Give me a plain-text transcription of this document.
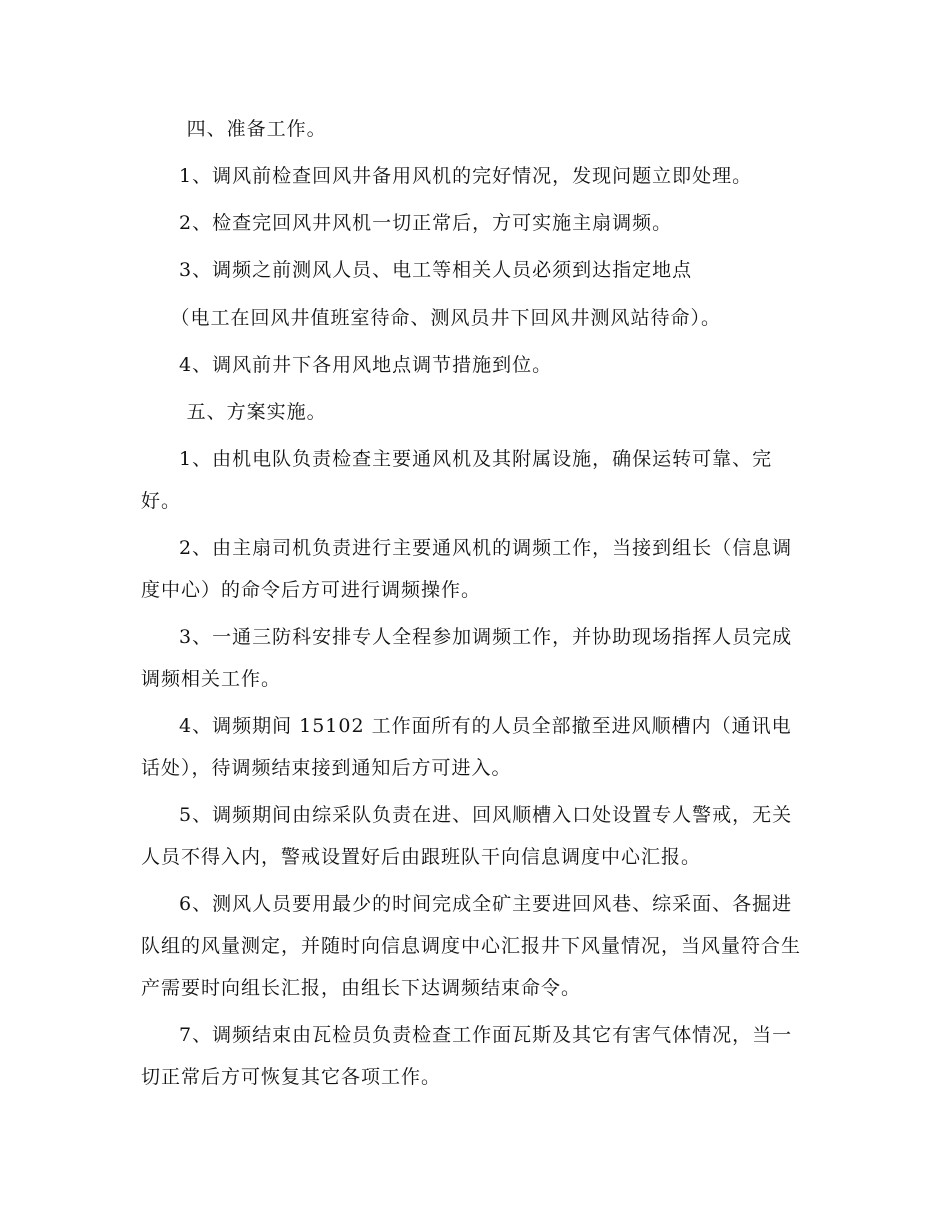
四、准备工作。

1、调风前检查回风井备用风机的完好情况，发现问题立即处理。

2、检查完回风井风机一切正常后，方可实施主扇调频。

3、调频之前测风人员、电工等相关人员必须到达指定地点

（电工在回风井值班室待命、测风员井下回风井测风站待命）。

4、调风前井下各用风地点调节措施到位。

五、方案实施。

1、由机电队负责检查主要通风机及其附属设施，确保运转可靠、完好。

2、由主扇司机负责进行主要通风机的调频工作，当接到组长（信息调度中心）的命令后方可进行调频操作。

3、一通三防科安排专人全程参加调频工作，并协助现场指挥人员完成调频相关工作。

4、调频期间 15102 工作面所有的人员全部撤至进风顺槽内（通讯电话处），待调频结束接到通知后方可进入。

5、调频期间由综采队负责在进、回风顺槽入口处设置专人警戒，无关人员不得入内，警戒设置好后由跟班队干向信息调度中心汇报。

6、测风人员要用最少的时间完成全矿主要进回风巷、综采面、各掘进队组的风量测定，并随时向信息调度中心汇报井下风量情况，当风量符合生产需要时向组长汇报，由组长下达调频结束命令。

7、调频结束由瓦检员负责检查工作面瓦斯及其它有害气体情况，当一切正常后方可恢复其它各项工作。
